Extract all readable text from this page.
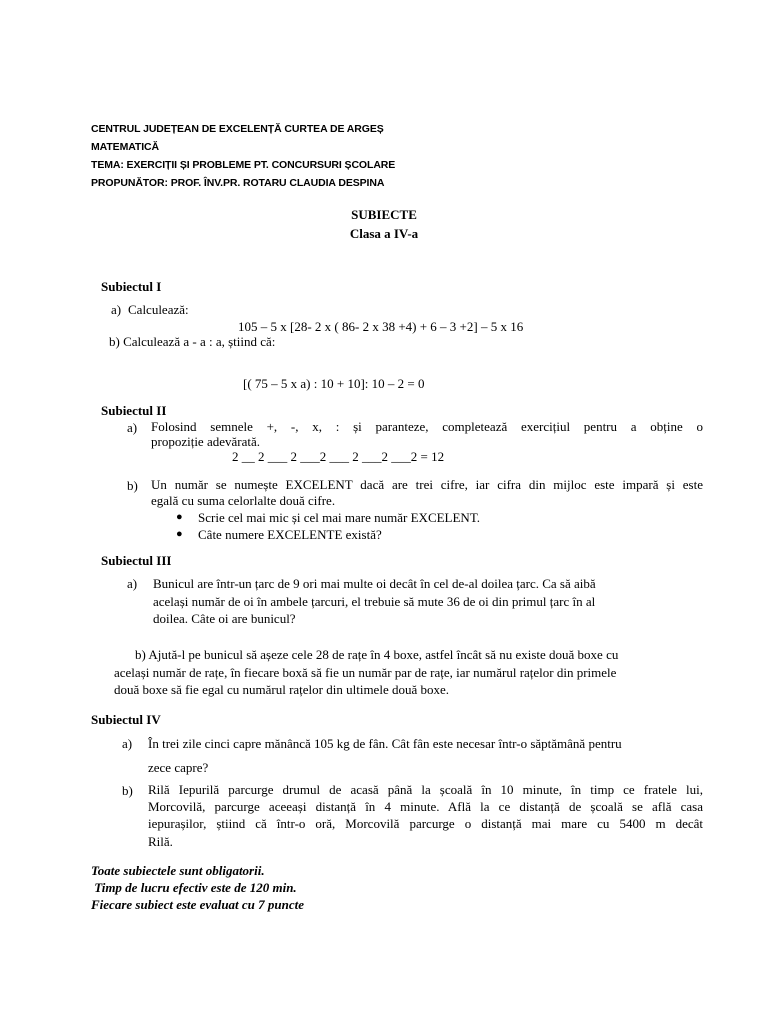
CENTRUL JUDEȚEAN DE EXCELENȚĂ CURTEA DE ARGEȘ
MATEMATICĂ
TEMA: EXERCIȚII ȘI PROBLEME PT. CONCURSURI ȘCOLARE
PROPUNĂTOR: PROF. ÎNV.PR. ROTARU CLAUDIA DESPINA
SUBIECTE
Clasa a IV-a
Subiectul I
a) Calculează:
105 – 5 x [28- 2 x ( 86- 2 x 38 +4) + 6 – 3 +2] – 5 x 16
b) Calculează a - a : a, știind că:
[( 75 – 5 x a) : 10 + 10]: 10 – 2 = 0
Subiectul II
a) Folosind semnele +, -, x, : și paranteze, completează exercițiul pentru a obține o
propoziție adevărată.
2 __ 2 ___ 2 ___2 ___ 2 ___2 ___2 = 12
b) Un număr se numește EXCELENT dacă are trei cifre, iar cifra din mijloc este impară și este
egală cu suma celorlalte două cifre.
● Scrie cel mai mic și cel mai mare număr EXCELENT.
● Câte numere EXCELENTE există?
Subiectul III
a) Bunicul are într-un țarc de 9 ori mai multe oi decât în cel de-al doilea țarc. Ca să aibă
același număr de oi în ambele țarcuri, el trebuie să mute 36 de oi din primul țarc în al
doilea. Câte oi are bunicul?
b) Ajută-l pe bunicul să așeze cele 28 de rațe în 4 boxe, astfel încât să nu existe două boxe cu
același număr de rațe, în fiecare boxă să fie un număr par de rațe, iar numărul rațelor din primele
două boxe să fie egal cu numărul rațelor din ultimele două boxe.
Subiectul IV
a) În trei zile cinci capre mănâncă 105 kg de fân. Cât fân este necesar într-o săptămână pentru
zece capre?
b) Rilă Iepurilă parcurge drumul de acasă până la școală în 10 minute, în timp ce fratele lui,
Morcovilă, parcurge aceeași distanță în 4 minute. Află la ce distanță de școală se află casa
iepurașilor, știind că într-o oră, Morcovilă parcurge o distanță mai mare cu 5400 m decât
Rilă.
Toate subiectele sunt obligatorii.
Timp de lucru efectiv este de 120 min.
Fiecare subiect este evaluat cu 7 puncte
